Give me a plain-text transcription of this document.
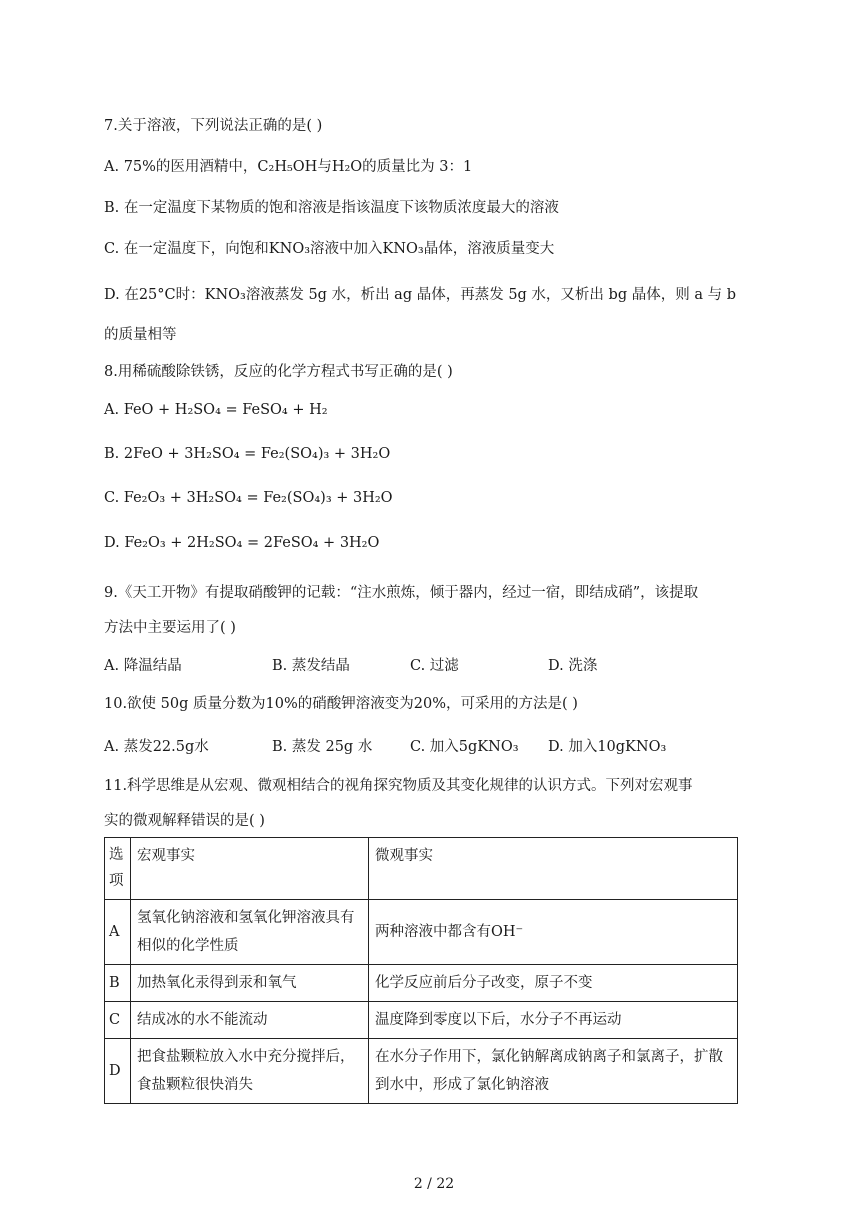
7.关于溶液，下列说法正确的是( )
A. 75%的医用酒精中，C₂H₅OH与H₂O的质量比为 3：1
B. 在一定温度下某物质的饱和溶液是指该温度下该物质浓度最大的溶液
C. 在一定温度下，向饱和KNO₃溶液中加入KNO₃晶体，溶液质量变大
D. 在25°C时：KNO₃溶液蒸发 5g 水，析出 ag 晶体，再蒸发 5g 水，又析出 bg 晶体，则 a 与 b
的质量相等
8.用稀硫酸除铁锈，反应的化学方程式书写正确的是( )
A. FeO + H₂SO₄ = FeSO₄ + H₂
B. 2FeO + 3H₂SO₄ = Fe₂(SO₄)₃ + 3H₂O
C. Fe₂O₃ + 3H₂SO₄ = Fe₂(SO₄)₃ + 3H₂O
D. Fe₂O₃ + 2H₂SO₄ = 2FeSO₄ + 3H₂O
9.《天工开物》有提取硝酸钾的记载：“注水煎炼，倾于器内，经过一宿，即结成硝”，该提取
方法中主要运用了( )
A. 降温结晶	B. 蒸发结晶	C. 过滤	D. 洗涤
10.欲使 50g 质量分数为10%的硝酸钾溶液变为20%，可采用的方法是( )
A. 蒸发22.5g水	B. 蒸发 25g 水	C. 加入5gKNO₃ D. 加入10gKNO₃
11.科学思维是从宏观、微观相结合的视角探究物质及其变化规律的认识方式。下列对宏观事
实的微观解释错误的是( )
选项	宏观事实	微观事实
A	氢氧化钠溶液和氢氧化钾溶液具有相似的化学性质	两种溶液中都含有OH⁻
B	加热氧化汞得到汞和氧气	化学反应前后分子改变，原子不变
C	结成冰的水不能流动	温度降到零度以下后，水分子不再运动
D	把食盐颗粒放入水中充分搅拌后，食盐颗粒很快消失	在水分子作用下，氯化钠解离成钠离子和氯离子，扩散到水中，形成了氯化钠溶液
2 / 22
